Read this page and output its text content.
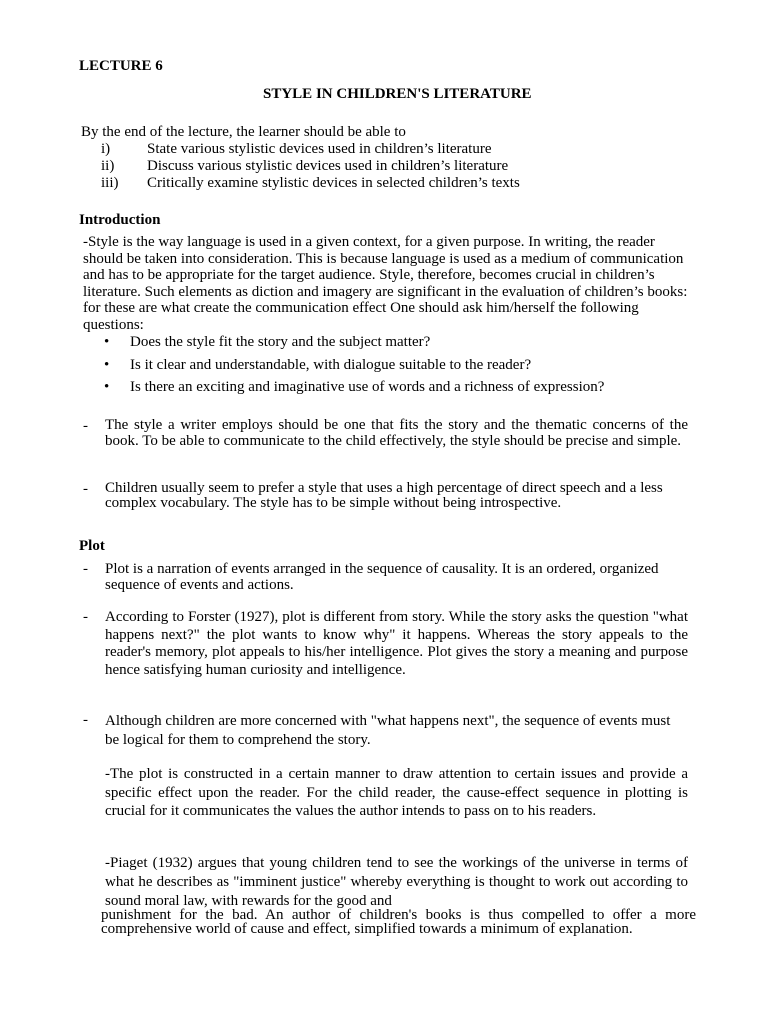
LECTURE 6
STYLE IN CHILDREN'S LITERATURE
By the end of the lecture, the learner should be able to
i) State various stylistic devices used in children’s literature
ii) Discuss various stylistic devices used in children’s literature
iii) Critically examine stylistic devices in selected children’s texts
Introduction

-Style is the way language is used in a given context, for a given purpose. In writing, the reader should be taken into consideration. This is because language is used as a medium of communication and has to be appropriate for the target audience. Style, therefore, becomes crucial in children’s literature. Such elements as diction and imagery are significant in the evaluation of children’s books: for these are what create the communication effect One should ask him/herself the following questions:

• Does the style fit the story and the subject matter?
• Is it clear and understandable, with dialogue suitable to the reader?
• Is there an exciting and imaginative use of words and a richness of expression?
- The style a writer employs should be one that fits the story and the thematic concerns of the book. To be able to communicate to the child effectively, the style should be precise and simple.

- Children usually seem to prefer a style that uses a high percentage of direct speech and a less complex vocabulary. The style has to be simple without being introspective.

Plot
- Plot is a narration of events arranged in the sequence of causality. It is an ordered, organized sequence of events and actions.

- According to Forster (1927), plot is different from story. While the story asks the question "what happens next?" the plot wants to know why" it happens. Whereas the story appeals to the reader's memory, plot appeals to his/her intelligence. Plot gives the story a meaning and purpose hence satisfying human curiosity and intelligence.

- Although children are more concerned with "what happens next", the sequence of events must be logical for them to comprehend the story.

-The plot is constructed in a certain manner to draw attention to certain issues and provide a specific effect upon the reader. For the child reader, the cause-effect sequence in plotting is crucial for it communicates the values the author intends to pass on to his readers.

-Piaget (1932) argues that young children tend to see the workings of the universe in terms of what he describes as "imminent justice" whereby everything is thought to work out according to sound moral law, with rewards for the good and

punishment for the bad. An author of children's books is thus compelled to offer a more comprehensive world of cause and effect, simplified towards a minimum of explanation.
